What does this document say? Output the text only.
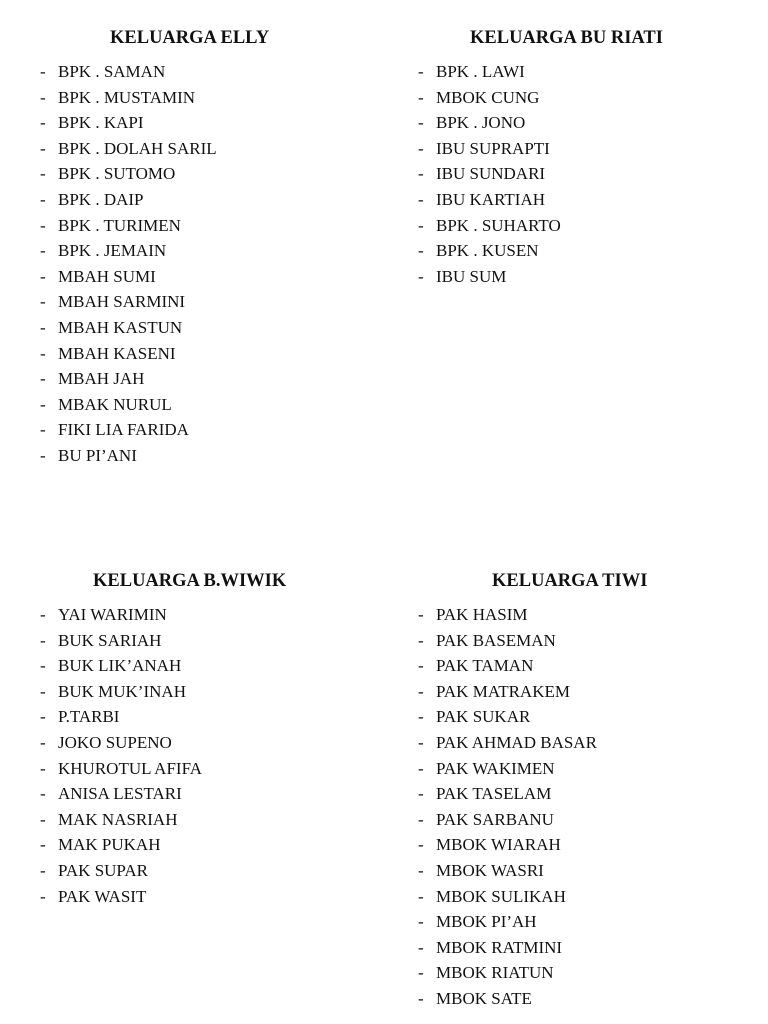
KELUARGA ELLY
- BPK . SAMAN
- BPK . MUSTAMIN
- BPK . KAPI
- BPK . DOLAH SARIL
- BPK . SUTOMO
- BPK . DAIP
- BPK . TURIMEN
- BPK . JEMAIN
- MBAH SUMI
- MBAH SARMINI
- MBAH KASTUN
- MBAH KASENI
- MBAH JAH
- MBAK NURUL
- FIKI LIA FARIDA
- BU PI’ANI
KELUARGA BU RIATI
- BPK . LAWI
- MBOK CUNG
- BPK . JONO
- IBU SUPRAPTI
- IBU SUNDARI
- IBU KARTIAH
- BPK . SUHARTO
- BPK . KUSEN
- IBU SUM
KELUARGA B.WIWIK
- YAI WARIMIN
- BUK SARIAH
- BUK LIK’ANAH
- BUK MUK’INAH
- P.TARBI
- JOKO SUPENO
- KHUROTUL AFIFA
- ANISA LESTARI
- MAK NASRIAH
- MAK PUKAH
- PAK SUPAR
- PAK WASIT
KELUARGA TIWI
- PAK HASIM
- PAK BASEMAN
- PAK TAMAN
- PAK MATRAKEM
- PAK SUKAR
- PAK AHMAD BASAR
- PAK WAKIMEN
- PAK TASELAM
- PAK SARBANU
- MBOK WIARAH
- MBOK WASRI
- MBOK SULIKAH
- MBOK PI’AH
- MBOK RATMINI
- MBOK RIATUN
- MBOK SATE
